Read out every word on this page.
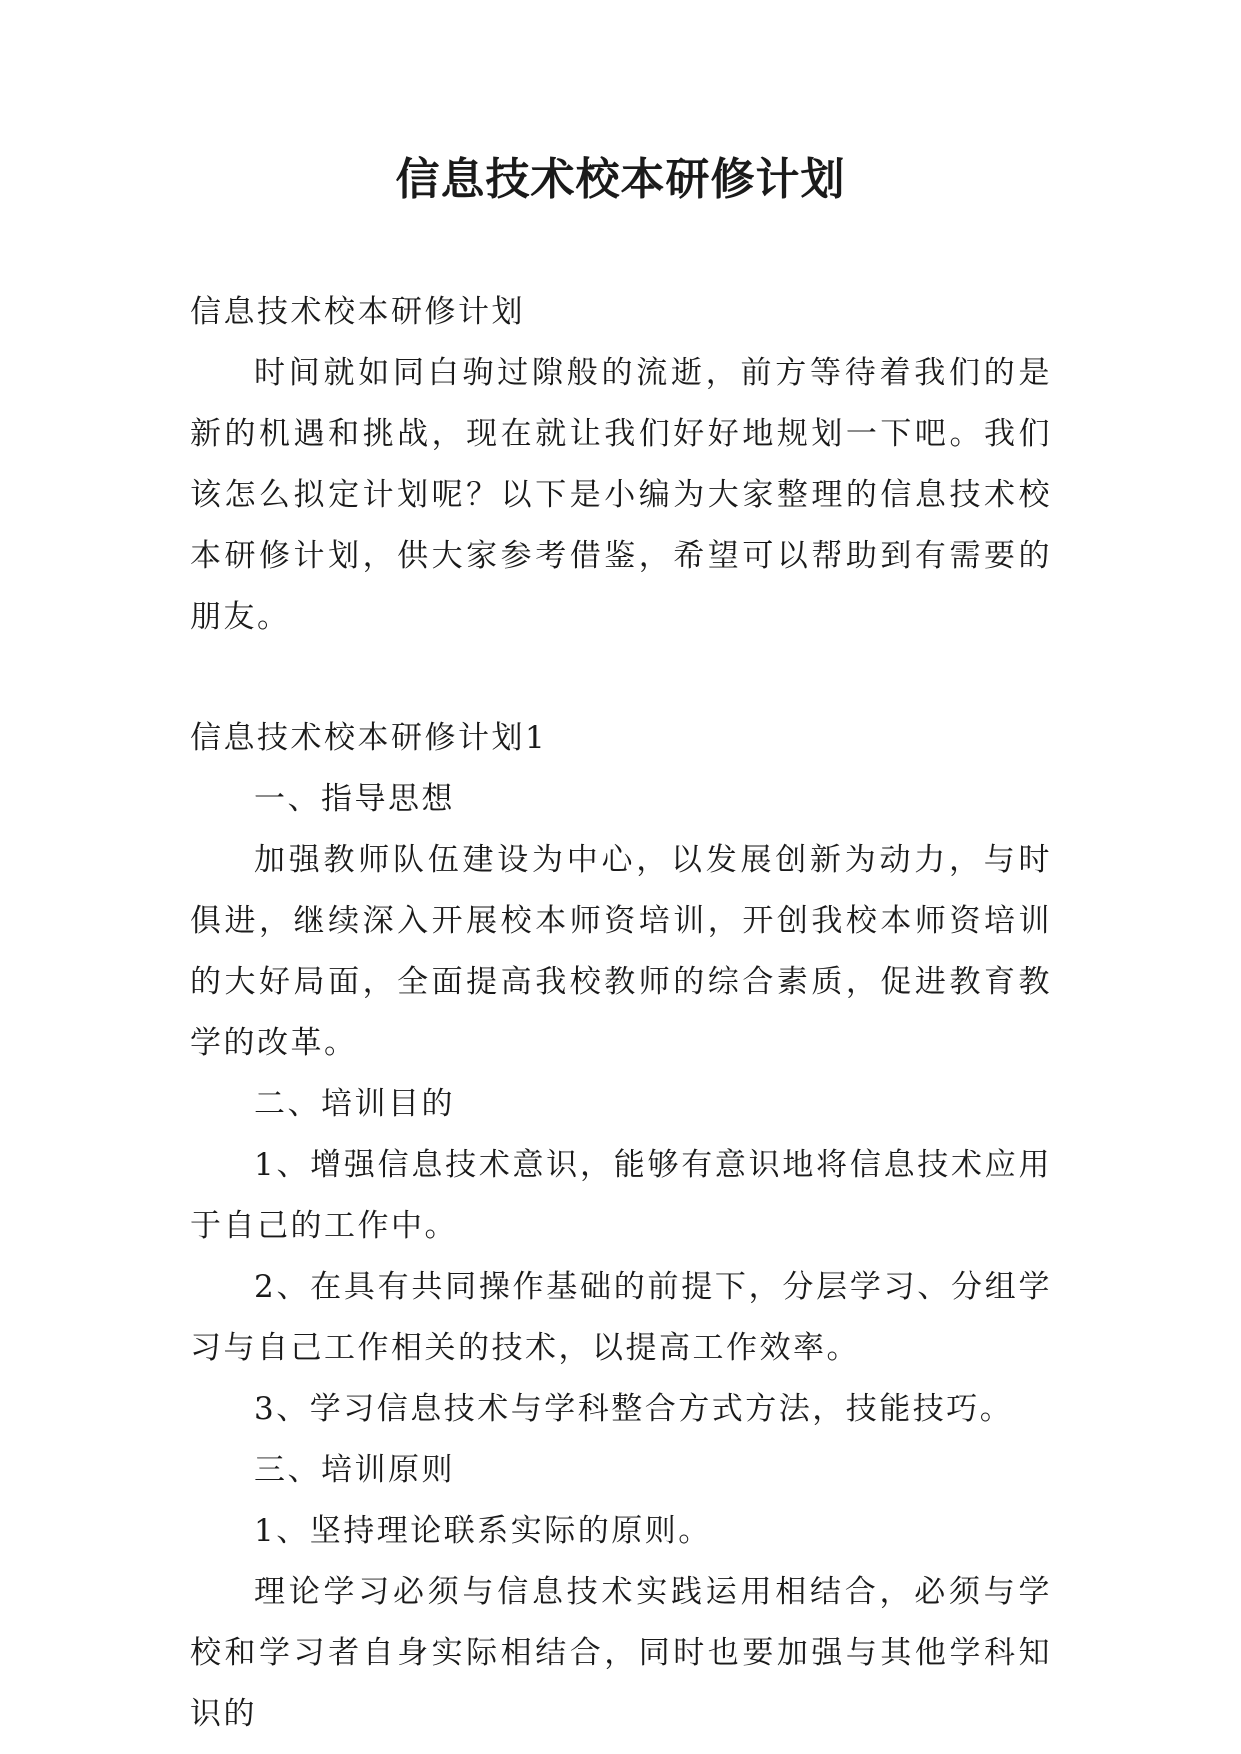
信息技术校本研修计划

信息技术校本研修计划

时间就如同白驹过隙般的流逝，前方等待着我们的是新的机遇和挑战，现在就让我们好好地规划一下吧。我们该怎么拟定计划呢？以下是小编为大家整理的信息技术校本研修计划，供大家参考借鉴，希望可以帮助到有需要的朋友。

信息技术校本研修计划1

一、指导思想

加强教师队伍建设为中心，以发展创新为动力，与时俱进，继续深入开展校本师资培训，开创我校本师资培训的大好局面，全面提高我校教师的综合素质，促进教育教学的改革。

二、培训目的

1、增强信息技术意识，能够有意识地将信息技术应用于自己的工作中。

2、在具有共同操作基础的前提下，分层学习、分组学习与自己工作相关的技术，以提高工作效率。

3、学习信息技术与学科整合方式方法，技能技巧。

三、培训原则

1、坚持理论联系实际的原则。

理论学习必须与信息技术实践运用相结合，必须与学校和学习者自身实际相结合，同时也要加强与其他学科知识的
